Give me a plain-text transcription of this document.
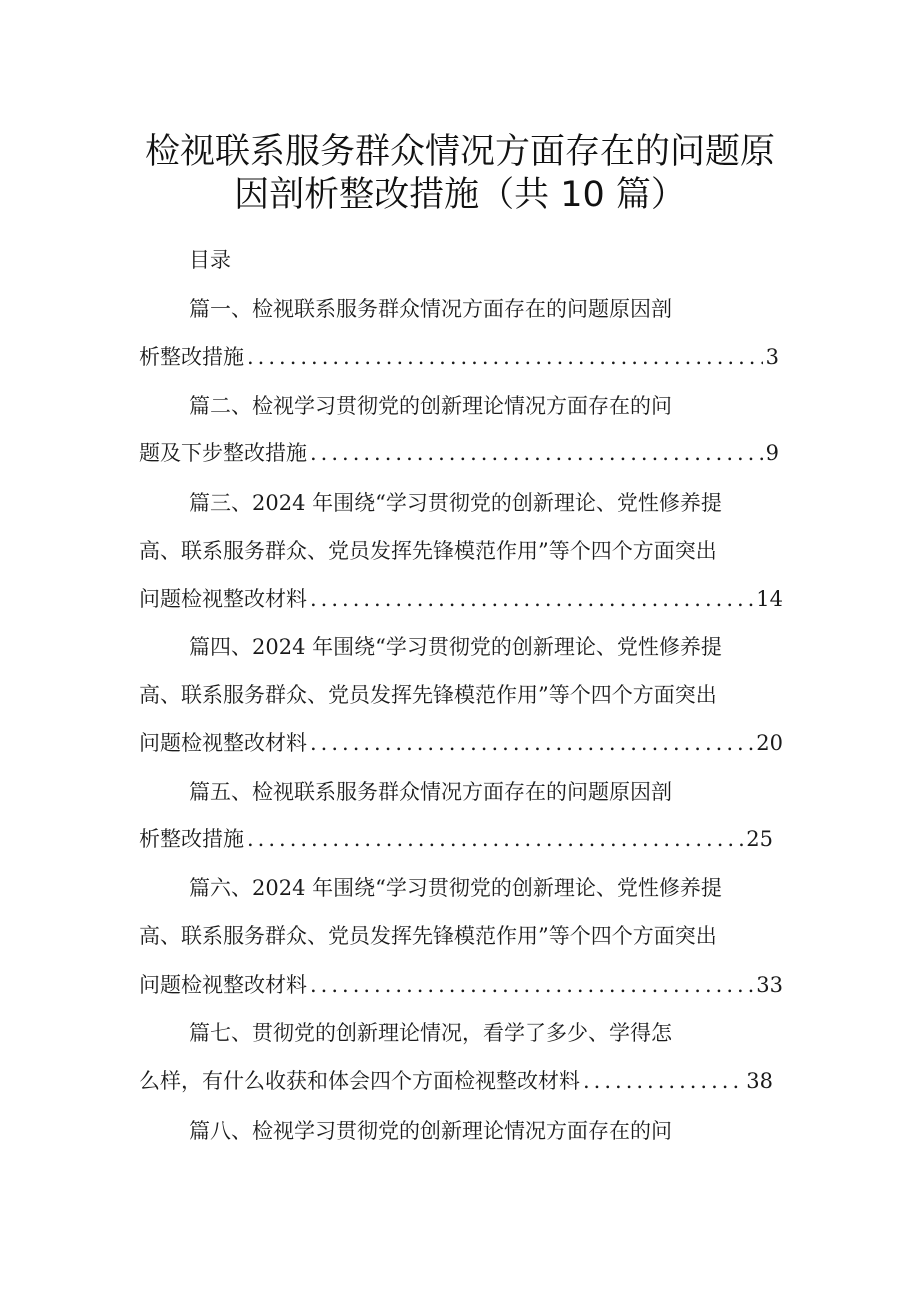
检视联系服务群众情况方面存在的问题原
因剖析整改措施（共 10 篇）
目录
篇一、检视联系服务群众情况方面存在的问题原因剖
析整改措施 .....	3
篇二、检视学习贯彻党的创新理论情况方面存在的问
题及下步整改措施 .....	9
篇三、2024 年围绕“学习贯彻党的创新理论、党性修养提
高、联系服务群众、党员发挥先锋模范作用”等个四个方面突出
问题检视整改材料 .....	14
篇四、2024 年围绕“学习贯彻党的创新理论、党性修养提
高、联系服务群众、党员发挥先锋模范作用”等个四个方面突出
问题检视整改材料 .....	20
篇五、检视联系服务群众情况方面存在的问题原因剖
析整改措施 .....	25
篇六、2024 年围绕“学习贯彻党的创新理论、党性修养提
高、联系服务群众、党员发挥先锋模范作用”等个四个方面突出
问题检视整改材料 .....	33
篇七、贯彻党的创新理论情况，看学了多少、学得怎
么样，有什么收获和体会四个方面检视整改材料 .....	38
篇八、检视学习贯彻党的创新理论情况方面存在的问
